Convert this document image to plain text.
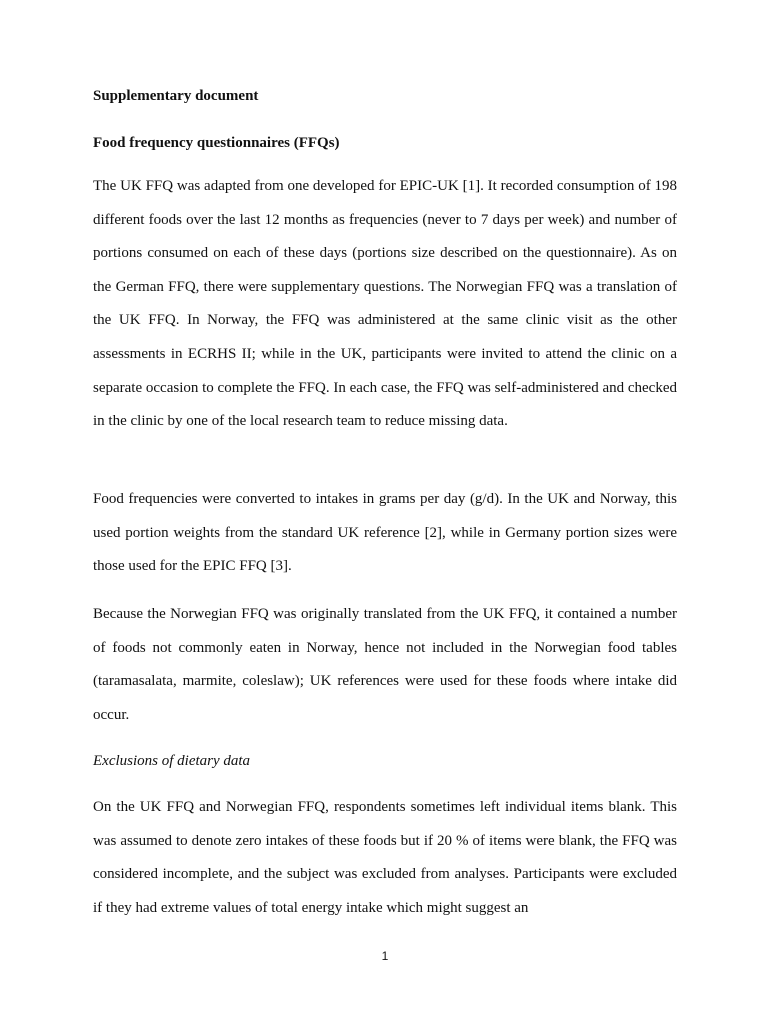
Supplementary document
Food frequency questionnaires (FFQs)

The UK FFQ was adapted from one developed for EPIC-UK [1]. It recorded consumption of 198 different foods over the last 12 months as frequencies (never to 7 days per week) and number of portions consumed on each of these days (portions size described on the questionnaire). As on the German FFQ, there were supplementary questions. The Norwegian FFQ was a translation of the UK FFQ. In Norway, the FFQ was administered at the same clinic visit as the other assessments in ECRHS II; while in the UK, participants were invited to attend the clinic on a separate occasion to complete the FFQ. In each case, the FFQ was self-administered and checked in the clinic by one of the local research team to reduce missing data.

Food frequencies were converted to intakes in grams per day (g/d). In the UK and Norway, this used portion weights from the standard UK reference [2], while in Germany portion sizes were those used for the EPIC FFQ [3].

Because the Norwegian FFQ was originally translated from the UK FFQ, it contained a number of foods not commonly eaten in Norway, hence not included in the Norwegian food tables (taramasalata, marmite, coleslaw); UK references were used for these foods where intake did occur.

Exclusions of dietary data

On the UK FFQ and Norwegian FFQ, respondents sometimes left individual items blank. This was assumed to denote zero intakes of these foods but if 20 % of items were blank, the FFQ was considered incomplete, and the subject was excluded from analyses. Participants were excluded if they had extreme values of total energy intake which might suggest an

1
